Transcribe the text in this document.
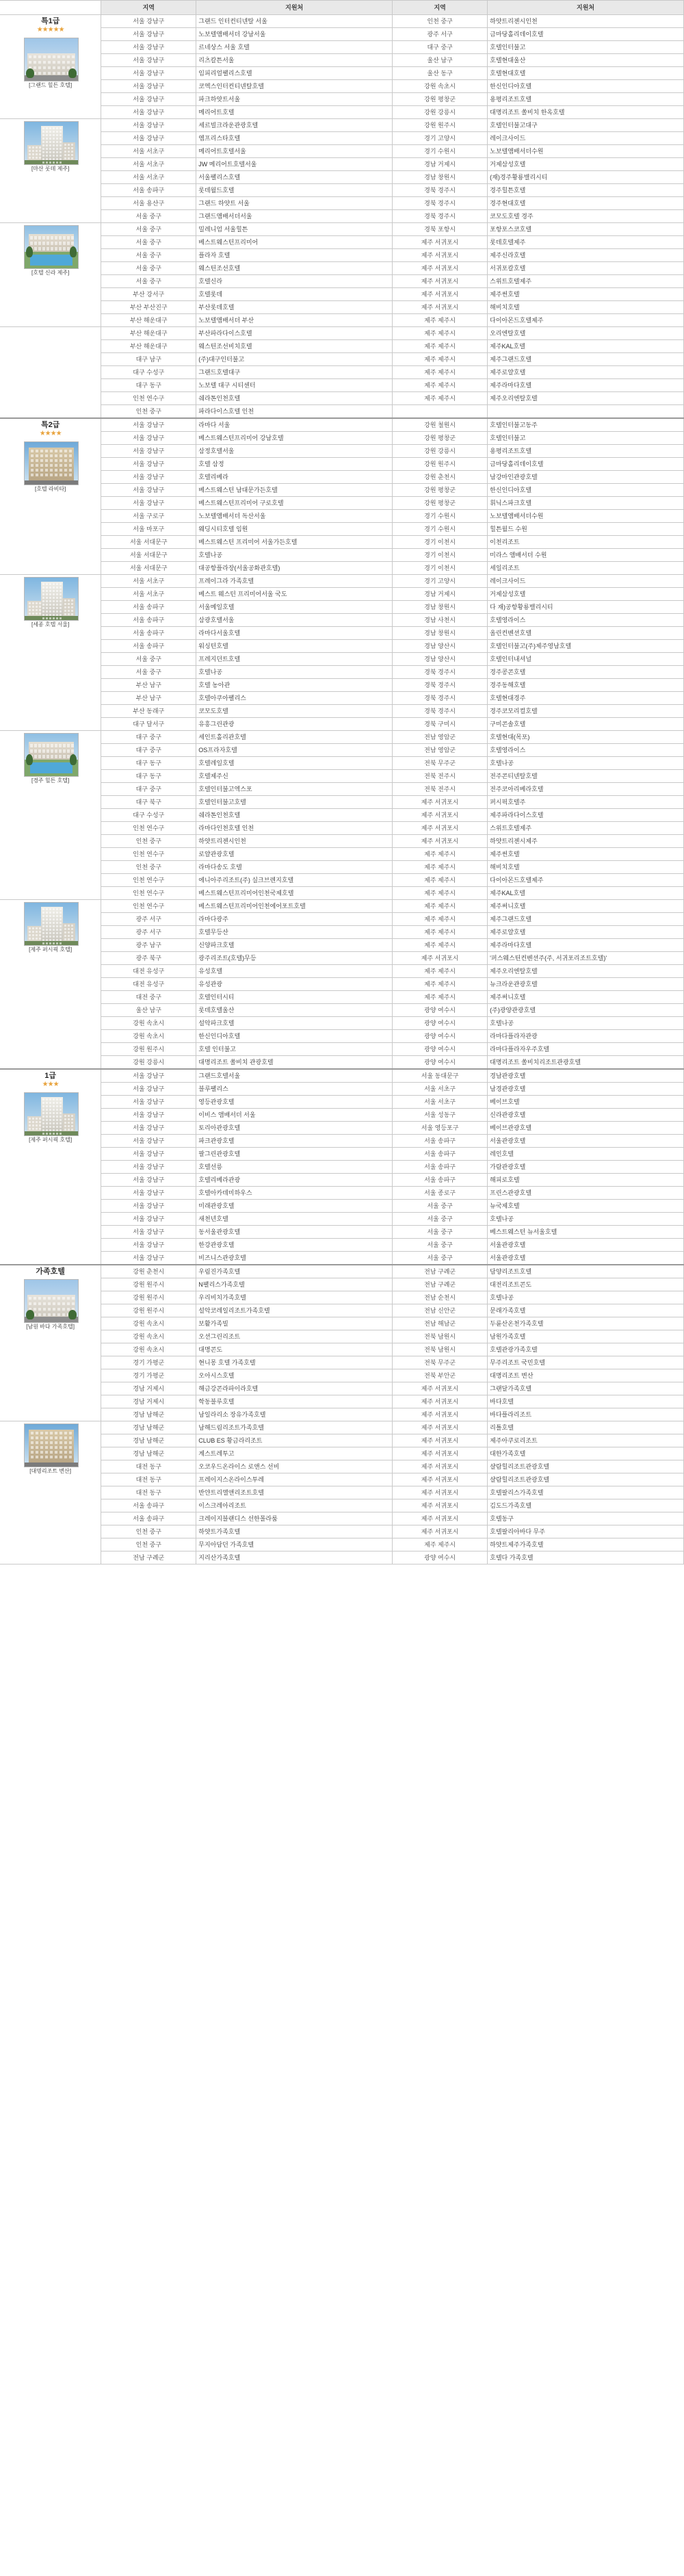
	지역	지원처	지역	지원처

특1급
★★★★★
[그랜드 힐튼 호텔]	서울 강남구	그랜드 인터컨티넨탈 서울	인천 중구	하얏트리젠시인천
	서울 강남구	노보텔앰배서더 강남서울	광주 서구	금마당홀리데이호텔
	서울 강남구	르네상스 서울 호텔	대구 중구	호텔인터불고
	서울 강남구	리츠칼튼서울	울산 남구	호텔현대울산
	서울 강남구	임피리얼팰리스호텔	울산 동구	호텔현대호텔
	서울 강남구	코엑스인터컨티넨탈호텔	강원 속초시	한신인디아호텔
	서울 강남구	파크하얏트서울	강원 평창군	용평리조트호텔
	서울 강남구	메리어트호텔	강원 강릉시	대명리조트 쏠비치 한옥호텔

[마산 롯데 제주]	서울 강남구	세르빌크라운관광호텔	강원 원주시	호텔인터불고대구
	서울 강남구	엠프리스타호텔	경기 고양시	레이크사이드
	서울 서초구	메리어트호텔서울	경기 수원시	노보텔앰배서더수원
	서울 서초구	JW 메리어트호텔서울	경남 거제시	거제삼성호텔
	서울 서초구	서울팰리스호텔	경남 창원시	(재)경주황룡밸리시티
	서울 송파구	롯데월드호텔	경북 경주시	경주힐튼호텔
	서울 용산구	그랜드 하얏트 서울	경북 경주시	경주현대호텔
	서울 중구	그랜드앰배서더서울	경북 경주시	코모도호텔 경주

[호텔 신라 제주]	서울 중구	밀레니엄 서울힐튼	경북 포항시	포항포스코호텔
	서울 중구	베스트웨스턴프리미어	제주 서귀포시	롯데호텔제주
	서울 중구	플라자 호텔	제주 서귀포시	제주신라호텔
	서울 중구	웨스틴조선호텔	제주 서귀포시	서귀포칼호텔
	서울 중구	호텔신라	제주 서귀포시	스위트호텔제주
	부산 강서구	호텔롯데	제주 서귀포시	제주썬호텔
	부산 부산진구	부산롯데호텔	제주 서귀포시	해비치호텔
	부산 해운대구	노보텔앰배서더 부산	제주 제주시	다이아몬드호텔제주
	부산 해운대구	부산파라다이스호텔	제주 제주시	오리엔탈호텔
	부산 해운대구	웨스틴조선비치호텔	제주 제주시	제주KAL호텔
	대구 남구	(주)대구인터불고	제주 제주시	제주그랜드호텔
	대구 수성구	그랜드호텔대구	제주 제주시	제주로얄호텔
	대구 동구	노보텔 대구 시티센터	제주 제주시	제주라마다호텔
	인천 연수구	쉐라톤인천호텔	제주 제주시	제주오리엔탈호텔
	인천 중구	파라다이스호텔 인천		

특2급
★★★★
[호텔 라비타]	서울 강남구	라마다 서울	강원 철원시	호텔인터불고동주
	서울 강남구	베스트웨스턴프리미어 강남호텔	강원 평창군	호텔인터불고
	서울 강남구	삼정호텔서울	강원 강릉시	용평리조트호텔
	서울 강남구	호텔 삼정	강원 원주시	금마당홀리데이호텔
	서울 강남구	호텔리베라	강원 춘천시	남강마인관광호텔
	서울 강남구	베스트웨스턴 남대문가든호텔	강원 평창군	한신인디아호텔
	서울 강남구	베스트웨스턴프리미어 구로호텔	강원 평창군	휘닉스파크호텔
	서울 구로구	노보텔앰배서더 독산서울	경기 수원시	노보텔앰배서더수원
	서울 마포구	웨딩시티호텔 임원	경기 수원시	힐튼월드 수원
	서울 서대문구	베스트웨스턴 프리미어 서울가든호텔	경기 이천시	이천리조트
	서울 서대문구	호텔나공	경기 이천시	미라스 앰배서더 수원
	서울 서대문구	대공항플라장(서울공화관호텔)	경기 이천시	세일리조트

[세종 호텔 서울]	서울 서초구	프레이그라 가족호텔	경기 고양시	레이크사이드
	서울 서초구	베스트 웨스턴 프리미어서울 국도	경남 거제시	거제삼성호텔
	서울 송파구	서울메일호텔	경남 창원시	다 재)공항황룡밸리시티
	서울 송파구	삼광호텔서울	경남 사천시	호텔영라이스
	서울 송파구	라마다서울호텔	경남 창원시	올린컨벤션호텔
	서울 송파구	워싱턴호텔	경남 양산시	호텔인터불고(주)제주영남호텔
	서울 중구	프레지던트호텔	경남 양산시	호텔인터내셔널
	서울 중구	호텔나공	경북 경주시	경주콩콘호텔
	부산 남구	호텔 농아관	경북 경주시	경주동해호텔
	부산 남구	호텔아쿠아팰리스	경북 경주시	호텔현대경주
	부산 동래구	코모도호텔	경북 경주시	경주코모리컬호텔
	대구 달서구	유흥그린관광	경북 구미시	구미콘솔호텔

[경주 힐튼 호텔]	대구 중구	세인트홀리관호텔	전남 영암군	호텔현대(목포)
	대구 중구	OS프라자호텔	전남 영암군	호텔영라이스
	대구 동구	호텔레일호텔	전북 무주군	호텔나공
	대구 동구	호텔제주신	전북 전주시	전주콘티넨탈호텔
	대구 중구	호텔인터불고엑스포	전북 전주시	전주코아리베라호텔
	대구 북구	호텔인터불고호텔	제주 서귀포시	퍼시픽호텔주
	대구 수성구	쉐라톤인천호텔	제주 서귀포시	제주파라다이스호텔
	인천 연수구	라마다인천호텔 인천	제주 서귀포시	스위트호텔제주
	인천 중구	하얏트리젠시인천	제주 서귀포시	하얏트리젠시제주
	인천 연수구	로얄관광호텔	제주 제주시	제주썬호텔
	인천 중구	라마다송도 호텔	제주 제주시	해비치호텔
	인천 연수구	에니아주리조트(주) 실크브렌지호텔	제주 제주시	다이아몬드호텔제주
	인천 연수구	베스트웨스턴프리미어인천국제호텔	제주 제주시	제주KAL호텔

[제주 퍼시픽 호텔]	인천 연수구	베스트웨스턴프리미어인천에어포트호텔	제주 제주시	제주써니호텔
	광주 서구	라마다광주	제주 제주시	제주그랜드호텔
	광주 서구	호텔무등산	제주 제주시	제주로얄호텔
	광주 남구	신양파크호텔	제주 제주시	제주라마다호텔
	광주 북구	광주리조트(호텔)무등	제주 서귀포시	'퍼스웨스틴컨벤션주(주, 서귀포리조트호텔)'
	대전 유성구	유성호텔	제주 제주시	제주오리엔탈호텔
	대전 유성구	유성관광	제주 제주시	뉴크라운관광호텔
	대전 중구	호텔인터시티	제주 제주시	제주써니호텔
	울산 남구	롯데호텔울산	광양 여수시	(주)광양관광호텔
	강원 속초시	설악파크호텔	광양 여수시	호텔나공
	강원 속초시	한신인디아호텔	광양 여수시	라마다플라자관광
	강원 원주시	호텔 인터불고	광양 여수시	라마다플라자우주호텔
	강원 강릉시	대명리조트 쏠비치 관광호텔	광양 여수시	대명리조트 쏠비치리조트관광호텔

1급
★★★
[제주 퍼시픽 호텔]	서울 강남구	그랜드호텔서울	서울 동대문구	경남관광호텔
	서울 강남구	블루팰리스	서울 서초구	남경관광호텔
	서울 강남구	영등관광호텔	서울 서초구	베이브호텔
	서울 강남구	이비스 앰배서더 서울	서울 성동구	신라관광호텔
	서울 강남구	토리아관광호텔	서울 영등포구	베이브관광호텔
	서울 강남구	파크관광호텔	서울 송파구	서울관광호텔
	서울 강남구	팔그린관광호텔	서울 송파구	레인호텔
	서울 강남구	호텔선릉	서울 송파구	가람관광호텔
	서울 강남구	호텔리베라관광	서울 송파구	해피로호텔
	서울 강남구	호텔아카데미하우스	서울 종로구	프린스관광호텔
	서울 강남구	미래관광호텔	서울 중구	뉴국제호텔
	서울 강남구	새천년호텔	서울 중구	호텔나공
	서울 강남구	동서울관광호텔	서울 중구	베스트웨스턴 뉴서울호텔
	서울 강남구	한강관광호텔	서울 중구	서울관광호텔
	서울 강남구	비즈니스관광호텔	서울 중구	서울관광호텔

가족호텔
[남원 바다 가족호텔]	강원 춘천시	우림진가족호텔	전남 구례군	담양리조트호텔
	강원 원주시	N팰리스가족호텔	전남 구례군	대전리조트콘도
	강원 원주시	우리비치가족호텔	전남 순천시	호텔나공
	강원 원주시	설악코레일리조트가족호텔	전남 신안군	문래가족호텔
	강원 속초시	보활가족빌	전남 해남군	두륜산온천가족호텔
	강원 속초시	오션그린리조트	전북 남원시	남원가족호텔
	강원 속초시	대명콘도	전북 남원시	호텔관광가족호텔
	경기 가평군	현니몽 호텔 가족호텔	전북 무주군	무주리조트 국민호텔
	경기 가평군	오아시스호텔	전북 부안군	대명리조트 변산
	경남 거제시	해금강콘라파이라호텔	제주 서귀포시	그랜달가족호텔
	경남 거제시	학동블루호텔	제주 서귀포시	바다호텔
	경남 남해군	남일라리소 장유가족호텔	제주 서귀포시	바다플라리조트

[대명리조트 변산]	경남 남해군	남해드림리조트가족호텔	제주 서귀포시	리틀호텔
	경남 남해군	CLUB ES 황금라리조트	제주 서귀포시	제주아쿠로리조트
	경남 남해군	계스트레투고	제주 서귀포시	대한가족호텔
	대전 동구	오코우드온라이스 로앤스 선비	제주 서귀포시	샬람힐리조트관광호텔
	대전 동구	프레이지스온라이스투레	제주 서귀포시	샬람힐리조트관광호텔
	대전 동구	반얀트리앨앤리조트호텔	제주 서귀포시	호텔팔리스가족호텔
	서울 송파구	이스크레아리조트	제주 서귀포시	김도드가족호텔
	서울 송파구	크레이지블랜디스 선한몰라룸	제주 서귀포시	호텔동구
	인천 중구	하얏트가족호텔	제주 서귀포시	호텔팔리아바다 무주
	인천 중구	무지아담던 가족호텔	제주 제주시	하얏트제주가족호텔
	전남 구례군	지리산가족호텔	광양 여수시	호텔다 가족호텔
